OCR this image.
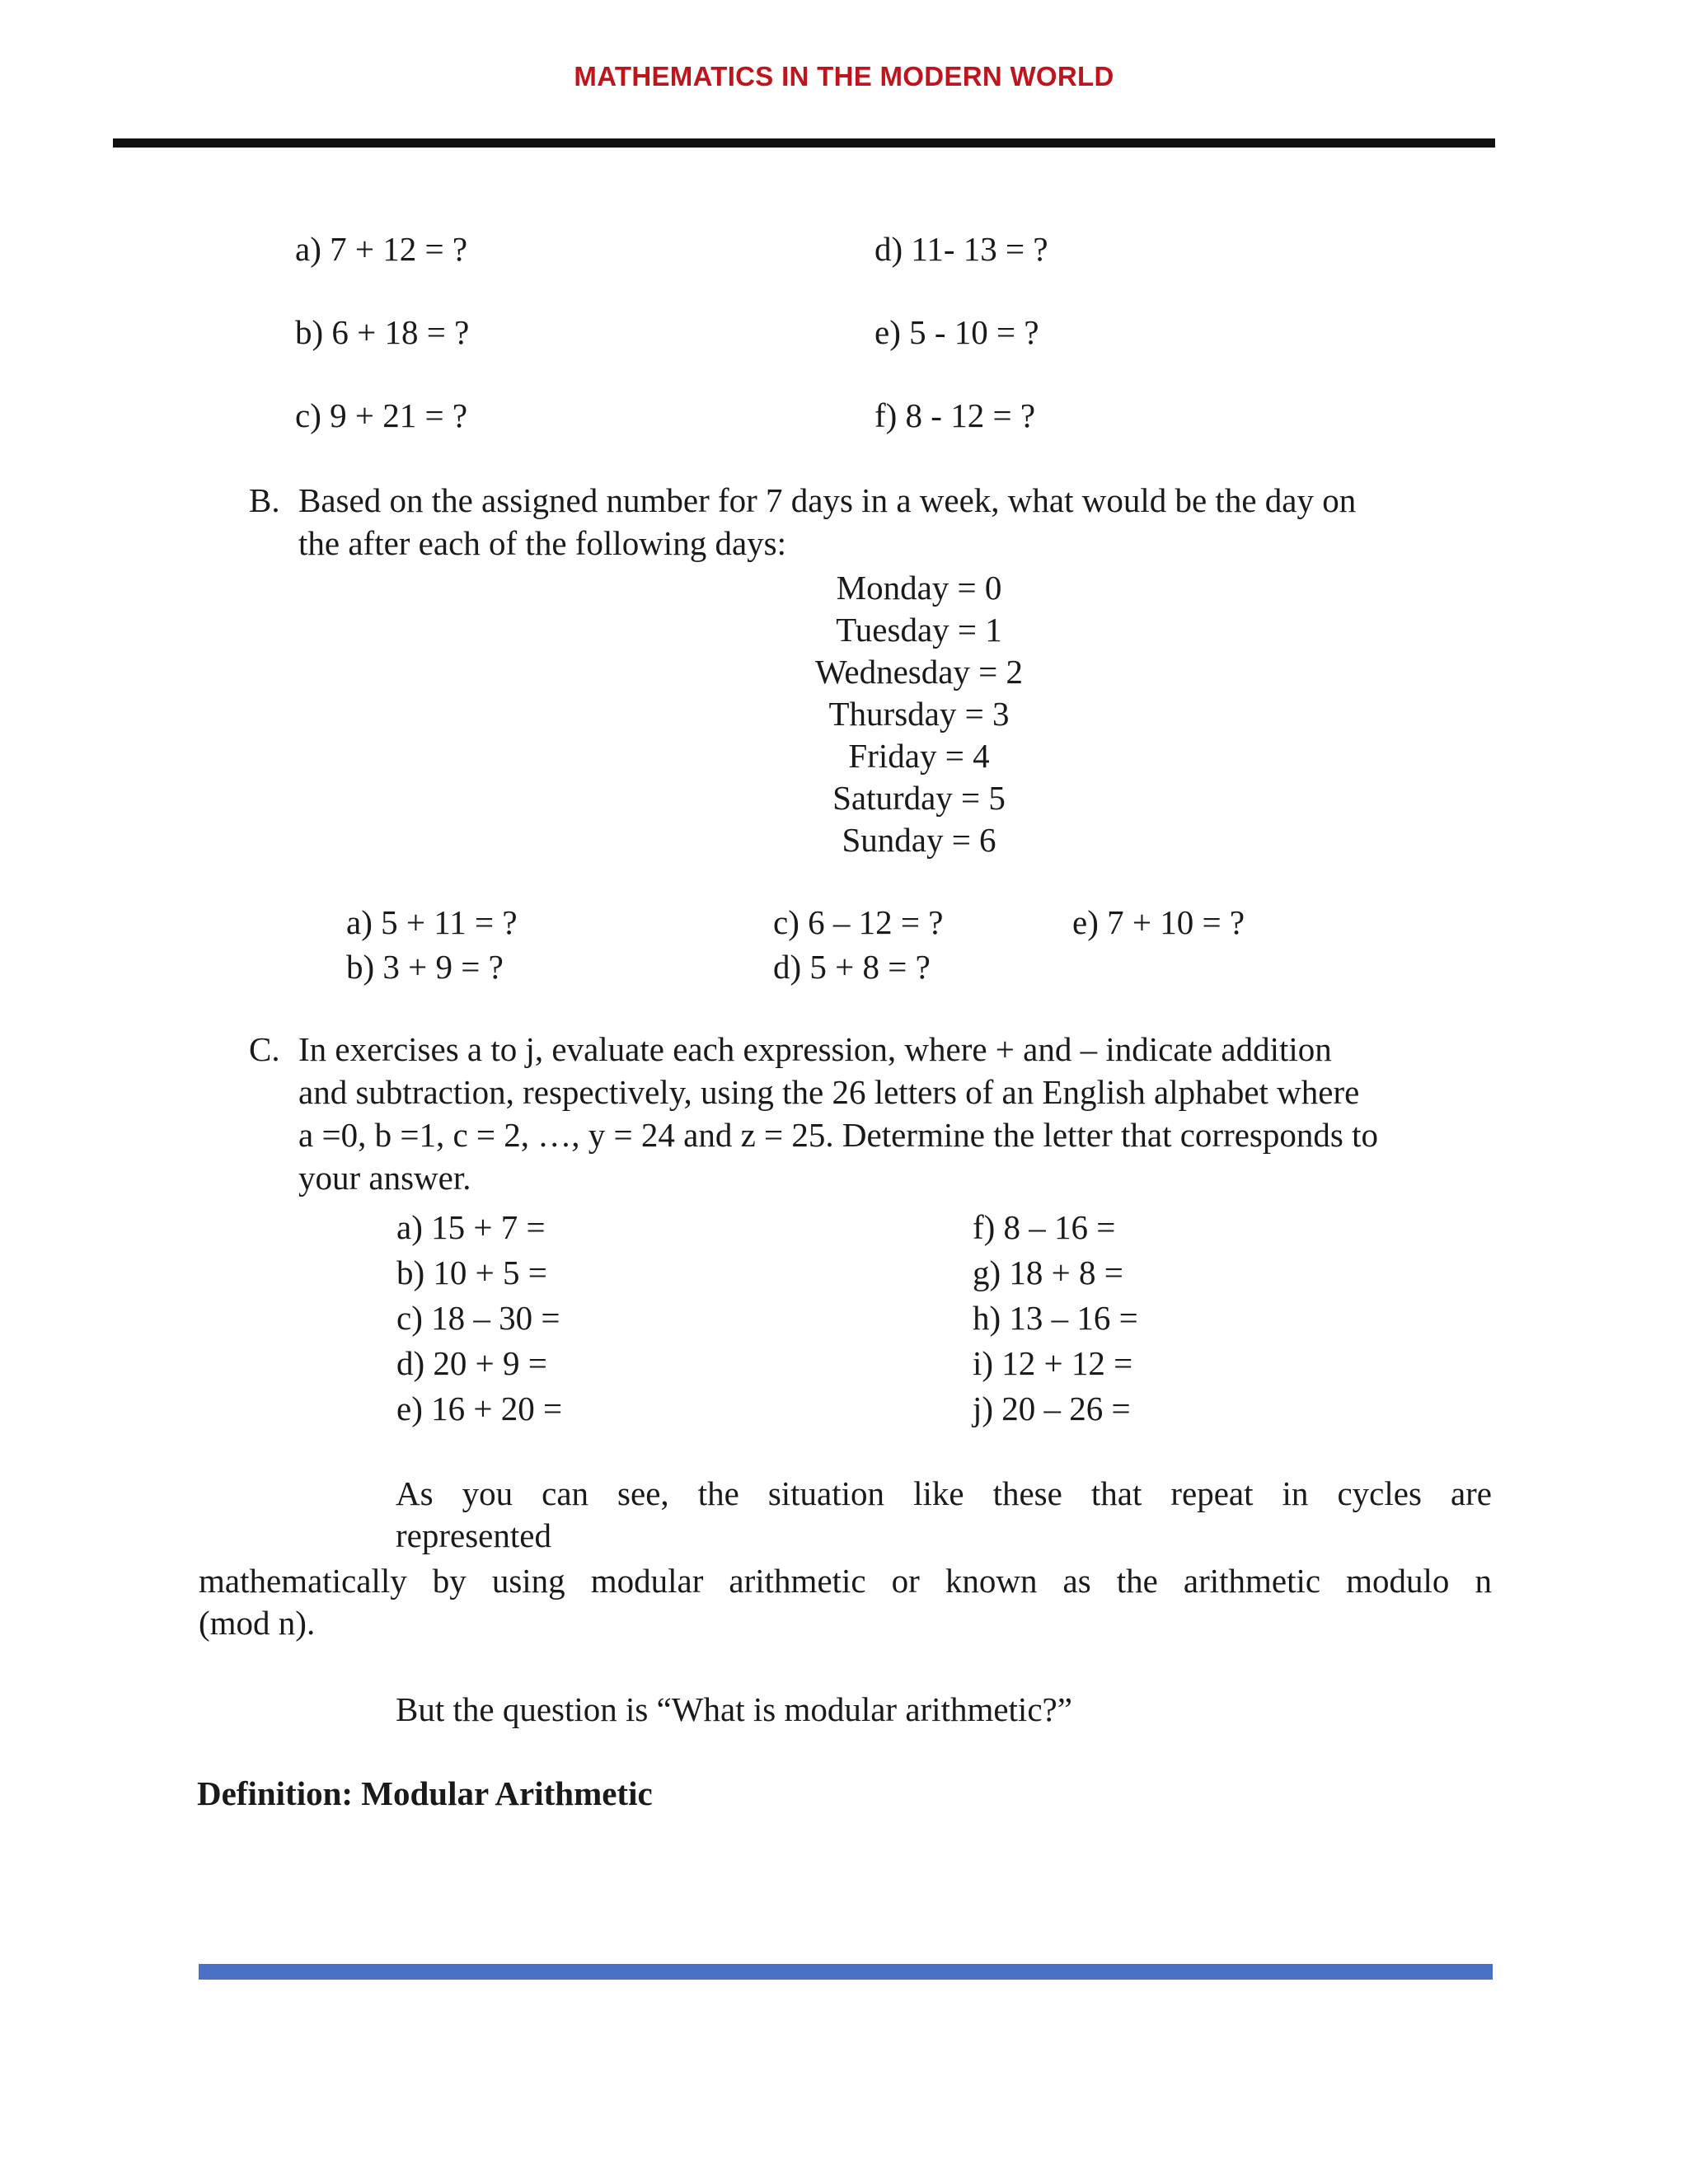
MATHEMATICS IN THE MODERN WORLD
a) 7 + 12 = ?
b) 6 + 18 = ?
c) 9 + 21 = ?
d) 11- 13 = ?
e) 5 - 10 = ?
f) 8 - 12 = ?
B. Based on the assigned number for 7 days in a week, what would be the day on
the after each of the following days:
Monday = 0
Tuesday = 1
Wednesday = 2
Thursday = 3
Friday = 4
Saturday = 5
Sunday = 6
a) 5 + 11 = ?
b) 3 + 9 = ?
c) 6 – 12 = ?
d) 5 + 8 = ?
e) 7 + 10 = ?
C. In exercises a to j, evaluate each expression, where + and – indicate addition
and subtraction, respectively, using the 26 letters of an English alphabet where
a =0, b =1, c = 2, …, y = 24 and z = 25. Determine the letter that corresponds to
your answer.
a) 15 + 7 =
b) 10 + 5 =
c) 18 – 30 =
d) 20 + 9 =
e) 16 + 20 =
f) 8 – 16 =
g) 18 + 8 =
h) 13 – 16 =
i) 12 + 12 =
j) 20 – 26 =
As you can see, the situation like these that repeat in cycles are
represented
mathematically by using modular arithmetic or known as the arithmetic modulo n
(mod n).
But the question is “What is modular arithmetic?”
Definition: Modular Arithmetic
